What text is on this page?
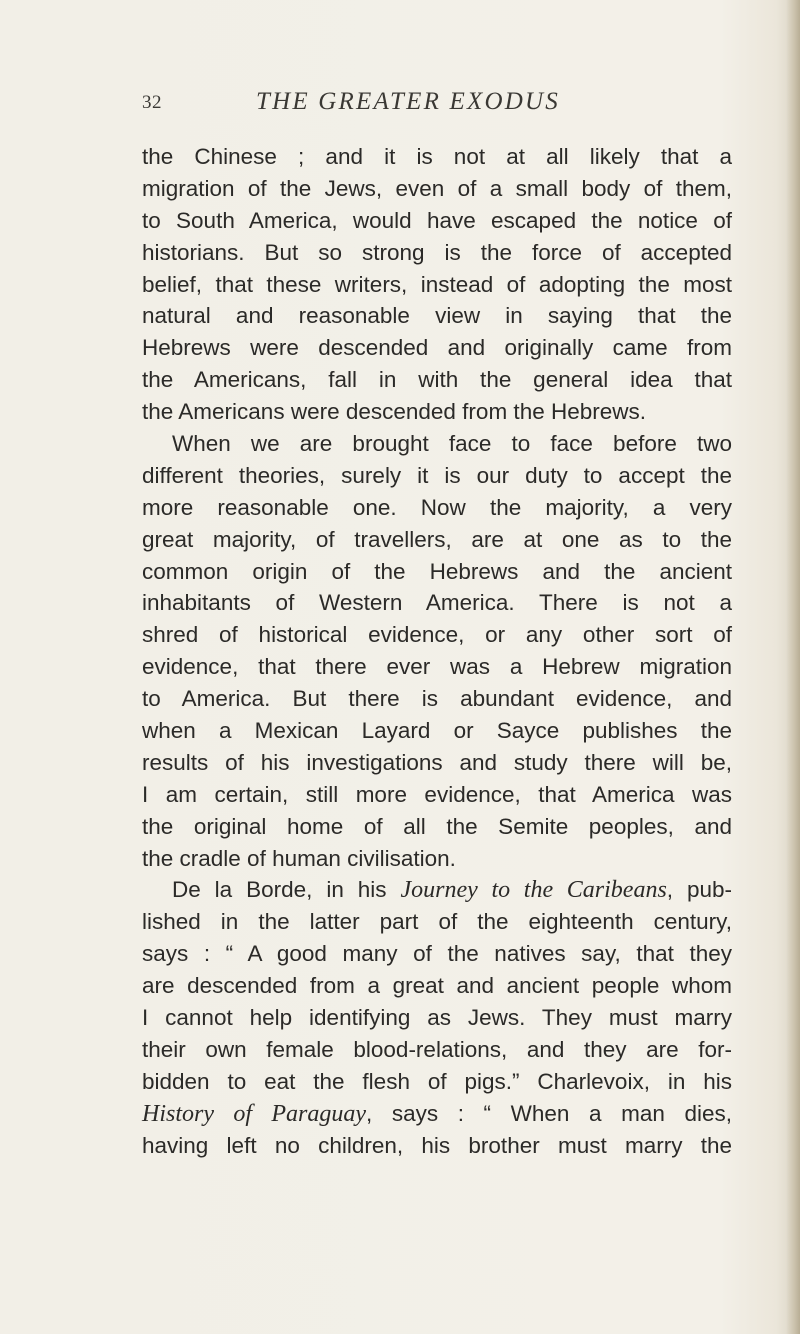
32	THE GREATER EXODUS
the Chinese ; and it is not at all likely that a
migration of the Jews, even of a small body of them,
to South America, would have escaped the notice of
historians. But so strong is the force of accepted
belief, that these writers, instead of adopting the most
natural and reasonable view in saying that the
Hebrews were descended and originally came from
the Americans, fall in with the general idea that
the Americans were descended from the Hebrews.
When we are brought face to face before two
different theories, surely it is our duty to accept the
more reasonable one. Now the majority, a very
great majority, of travellers, are at one as to the
common origin of the Hebrews and the ancient
inhabitants of Western America. There is not a
shred of historical evidence, or any other sort of
evidence, that there ever was a Hebrew migration
to America. But there is abundant evidence, and
when a Mexican Layard or Sayce publishes the
results of his investigations and study there will be,
I am certain, still more evidence, that America was
the original home of all the Semite peoples, and
the cradle of human civilisation.
De la Borde, in his Journey to the Caribeans, pub-
lished in the latter part of the eighteenth century,
says : “ A good many of the natives say, that they
are descended from a great and ancient people whom
I cannot help identifying as Jews. They must marry
their own female blood-relations, and they are for-
bidden to eat the flesh of pigs.” Charlevoix, in his
History of Paraguay, says : “ When a man dies,
having left no children, his brother must marry the
